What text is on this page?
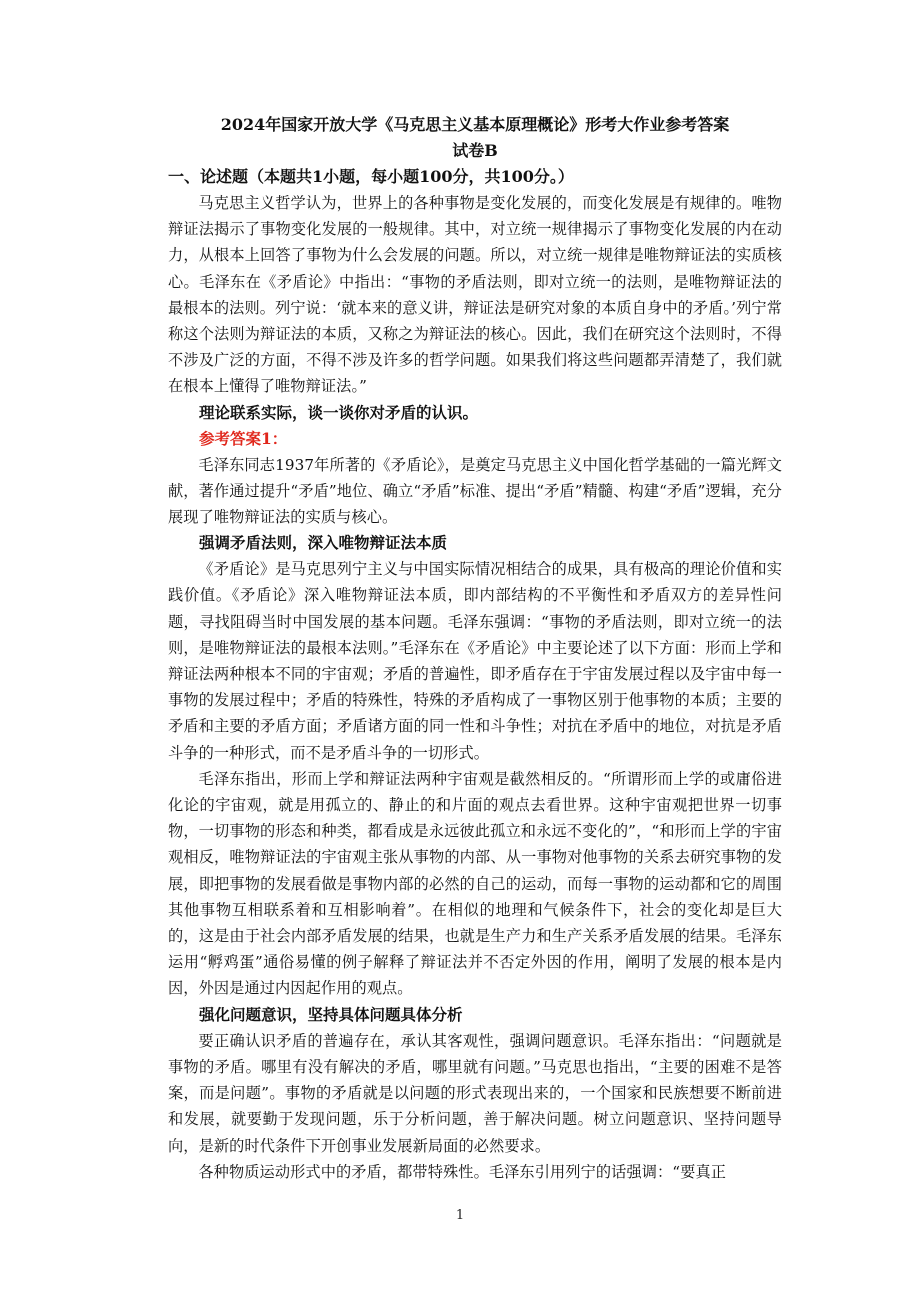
2024年国家开放大学《马克思主义基本原理概论》形考大作业参考答案

试卷B

一、论述题（本题共1小题，每小题100分，共100分。）

马克思主义哲学认为，世界上的各种事物是变化发展的，而变化发展是有规律的。唯物辩证法揭示了事物变化发展的一般规律。其中，对立统一规律揭示了事物变化发展的内在动力，从根本上回答了事物为什么会发展的问题。所以，对立统一规律是唯物辩证法的实质核心。毛泽东在《矛盾论》中指出：“事物的矛盾法则，即对立统一的法则，是唯物辩证法的最根本的法则。列宁说：‘就本来的意义讲，辩证法是研究对象的本质自身中的矛盾。’列宁常称这个法则为辩证法的本质，又称之为辩证法的核心。因此，我们在研究这个法则时，不得不涉及广泛的方面，不得不涉及许多的哲学问题。如果我们将这些问题都弄清楚了，我们就在根本上懂得了唯物辩证法。”

理论联系实际，谈一谈你对矛盾的认识。

参考答案1：

毛泽东同志1937年所著的《矛盾论》，是奠定马克思主义中国化哲学基础的一篇光辉文献，著作通过提升“矛盾”地位、确立“矛盾”标准、提出“矛盾”精髓、构建“矛盾”逻辑，充分展现了唯物辩证法的实质与核心。

强调矛盾法则，深入唯物辩证法本质

《矛盾论》是马克思列宁主义与中国实际情况相结合的成果，具有极高的理论价值和实践价值。《矛盾论》深入唯物辩证法本质，即内部结构的不平衡性和矛盾双方的差异性问题，寻找阻碍当时中国发展的基本问题。毛泽东强调：“事物的矛盾法则，即对立统一的法则，是唯物辩证法的最根本法则。”毛泽东在《矛盾论》中主要论述了以下方面：形而上学和辩证法两种根本不同的宇宙观；矛盾的普遍性，即矛盾存在于宇宙发展过程以及宇宙中每一事物的发展过程中；矛盾的特殊性，特殊的矛盾构成了一事物区别于他事物的本质；主要的矛盾和主要的矛盾方面；矛盾诸方面的同一性和斗争性；对抗在矛盾中的地位，对抗是矛盾斗争的一种形式，而不是矛盾斗争的一切形式。

毛泽东指出，形而上学和辩证法两种宇宙观是截然相反的。“所谓形而上学的或庸俗进化论的宇宙观，就是用孤立的、静止的和片面的观点去看世界。这种宇宙观把世界一切事物，一切事物的形态和种类，都看成是永远彼此孤立和永远不变化的”，“和形而上学的宇宙观相反，唯物辩证法的宇宙观主张从事物的内部、从一事物对他事物的关系去研究事物的发展，即把事物的发展看做是事物内部的必然的自己的运动，而每一事物的运动都和它的周围其他事物互相联系着和互相影响着”。在相似的地理和气候条件下，社会的变化却是巨大的，这是由于社会内部矛盾发展的结果，也就是生产力和生产关系矛盾发展的结果。毛泽东运用“孵鸡蛋”通俗易懂的例子解释了辩证法并不否定外因的作用，阐明了发展的根本是内因，外因是通过内因起作用的观点。

强化问题意识，坚持具体问题具体分析

要正确认识矛盾的普遍存在，承认其客观性，强调问题意识。毛泽东指出：“问题就是事物的矛盾。哪里有没有解决的矛盾，哪里就有问题。”马克思也指出，“主要的困难不是答案，而是问题”。事物的矛盾就是以问题的形式表现出来的，一个国家和民族想要不断前进和发展，就要勤于发现问题，乐于分析问题，善于解决问题。树立问题意识、坚持问题导向，是新的时代条件下开创事业发展新局面的必然要求。

各种物质运动形式中的矛盾，都带特殊性。毛泽东引用列宁的话强调：“要真正

1
